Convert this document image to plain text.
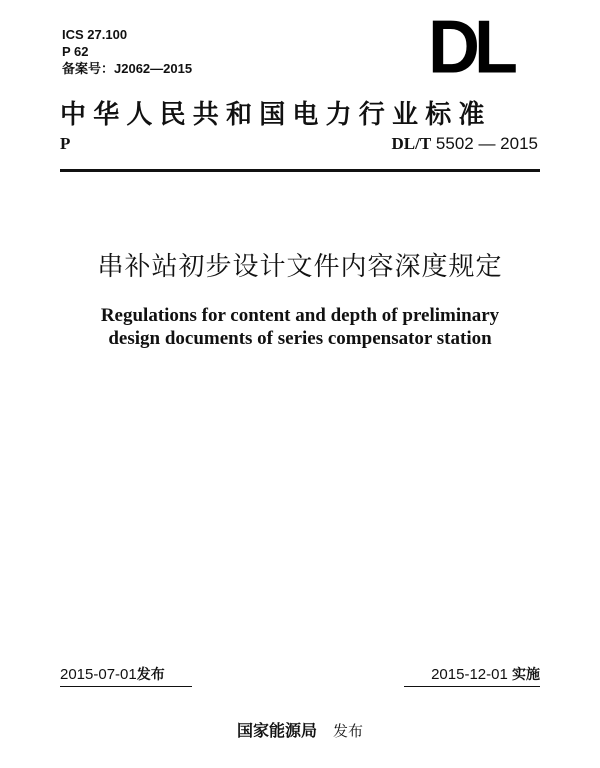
ICS 27.100
P 62
备案号：J2062—2015	DL
中华人民共和国电力行业标准
P	DL/T 5502 — 2015
串补站初步设计文件内容深度规定
Regulations for content and depth of preliminary
design documents of series compensator station
2015-07-01发布	2015-12-01 实施
国家能源局 发布
